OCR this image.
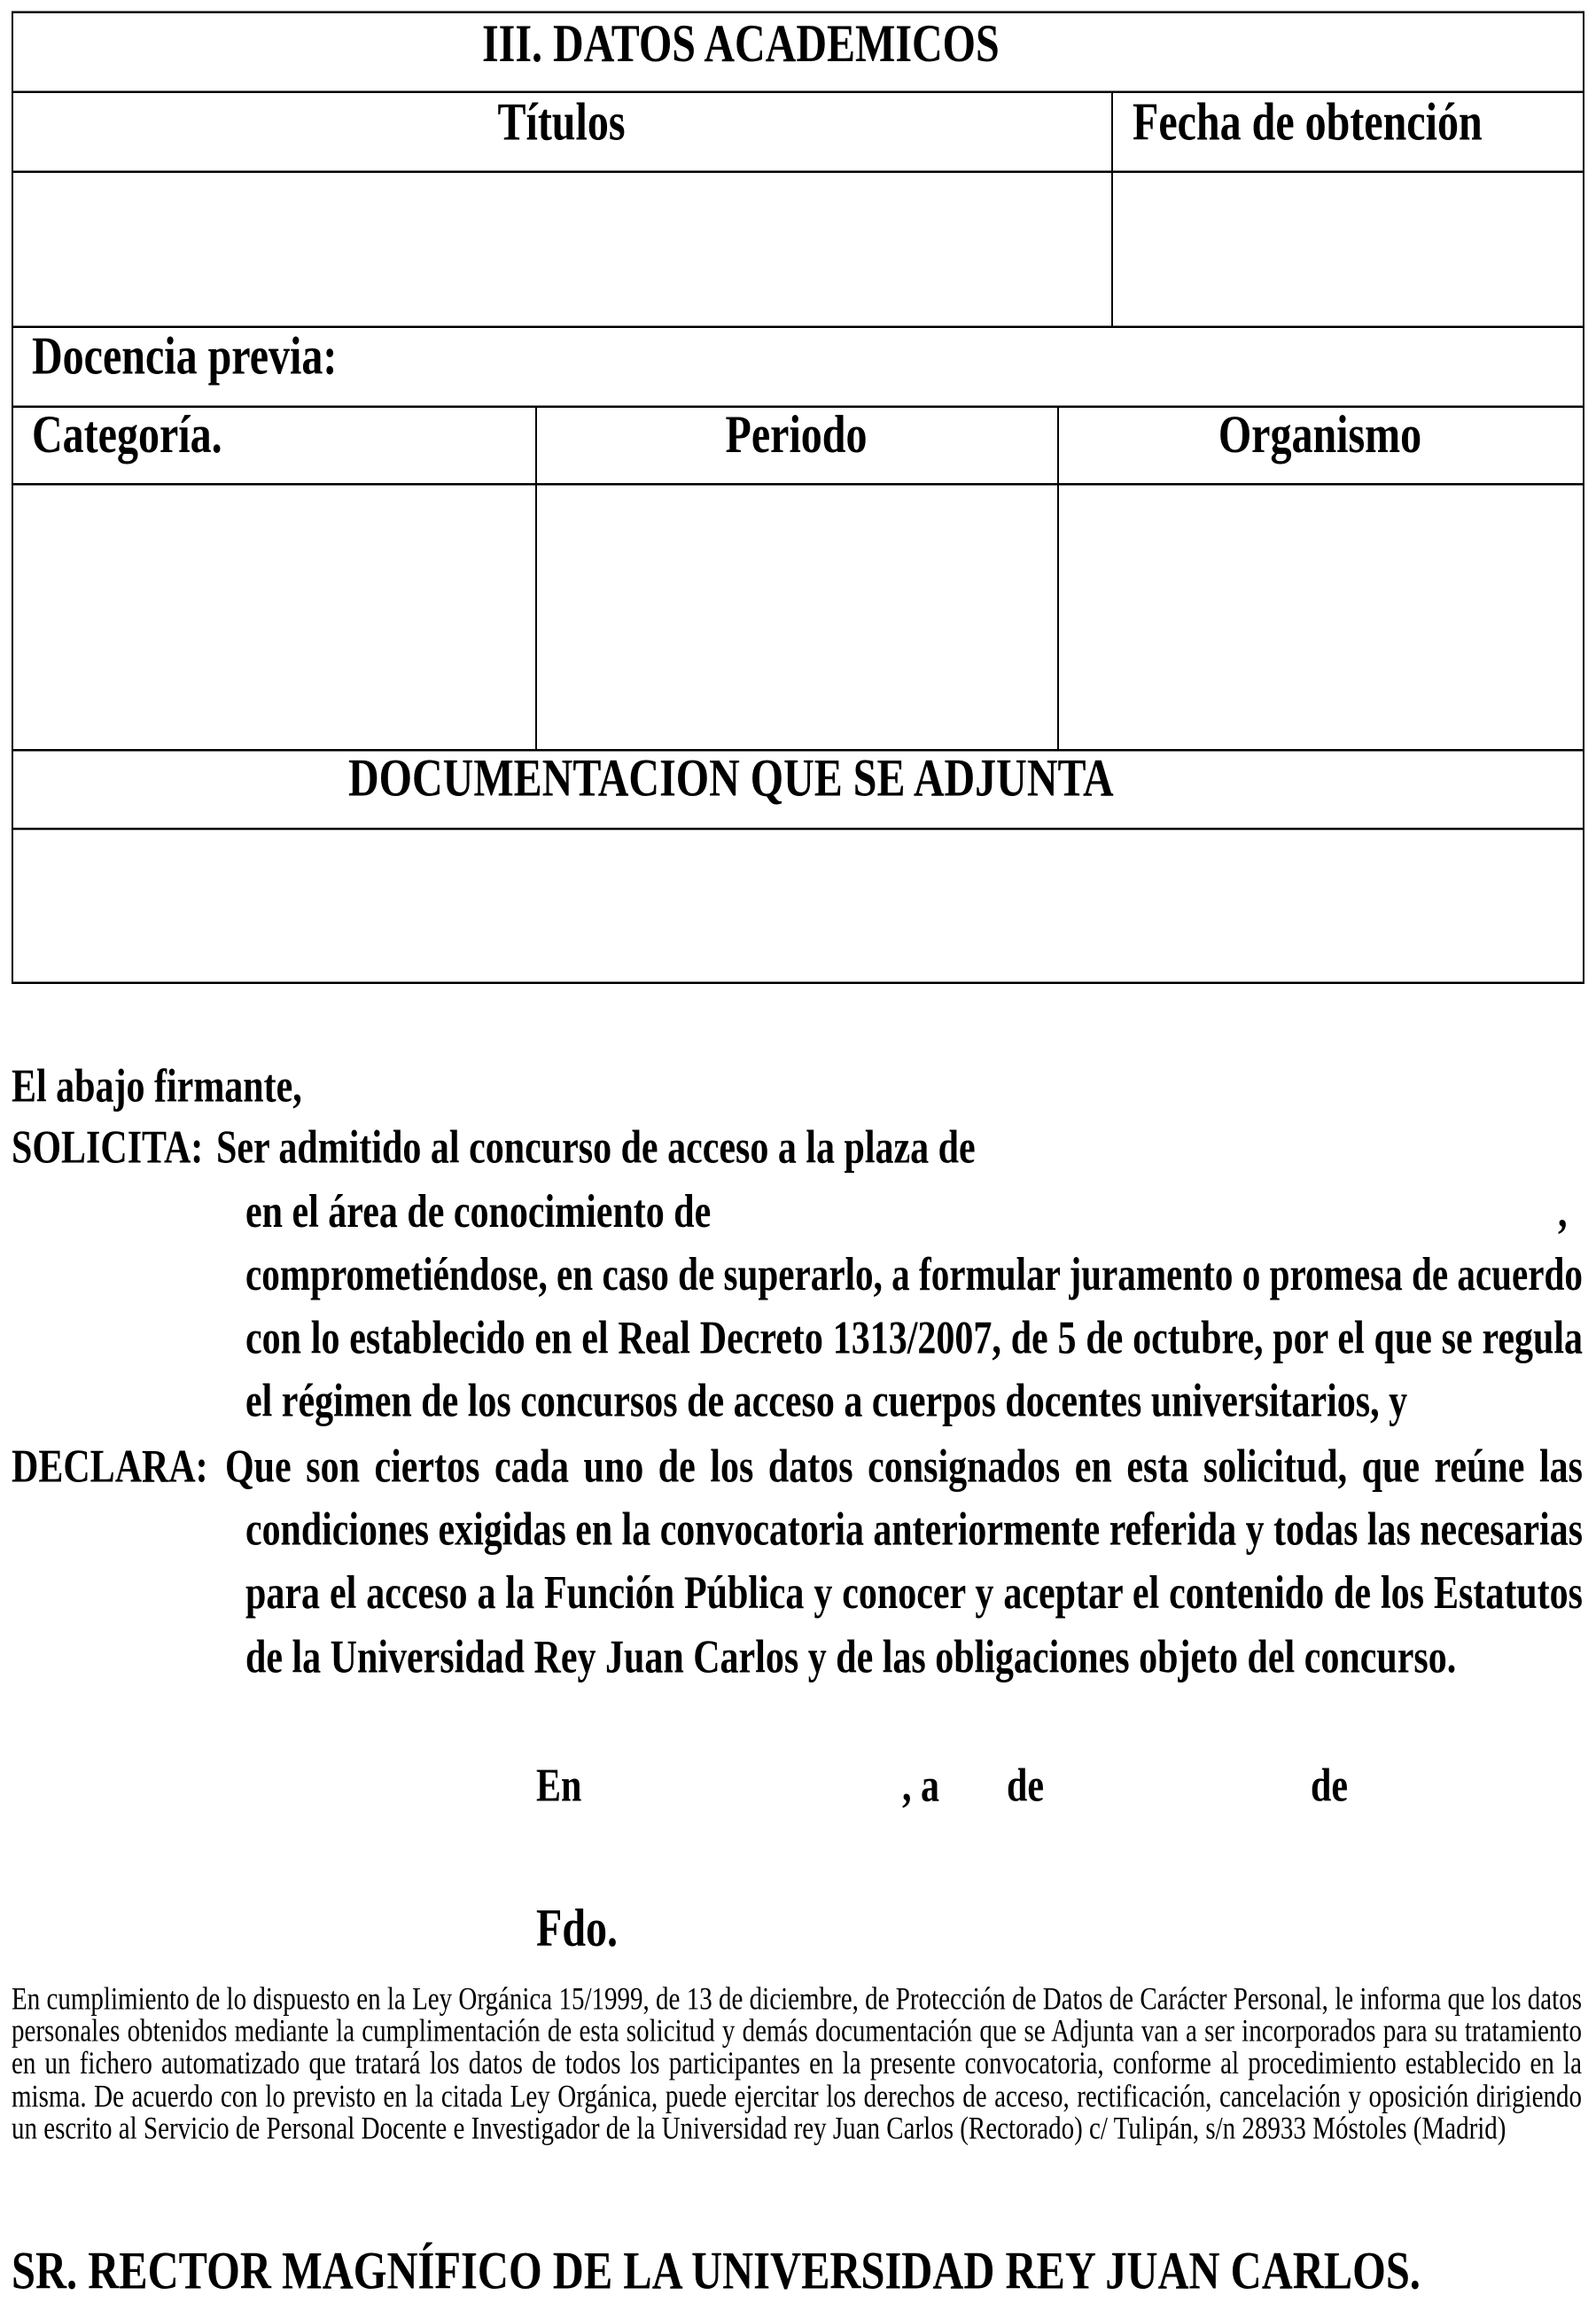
III. DATOS ACADEMICOS
Títulos	Fecha de obtención
Docencia previa:
Categoría.	Periodo	Organismo
DOCUMENTACION QUE SE ADJUNTA
El abajo firmante,
SOLICITA: Ser admitido al concurso de acceso a la plaza de
en el área de conocimiento de	,
comprometiéndose, en caso de superarlo, a formular juramento o promesa de acuerdo
con lo establecido en el Real Decreto 1313/2007, de 5 de octubre, por el que se regula
el régimen de los concursos de acceso a cuerpos docentes universitarios, y
DECLARA: Que son ciertos cada uno de los datos consignados en esta solicitud, que reúne las
condiciones exigidas en la convocatoria anteriormente referida y todas las necesarias
para el acceso a la Función Pública y conocer y aceptar el contenido de los Estatutos
de la Universidad Rey Juan Carlos y de las obligaciones objeto del concurso.
En	, a de	de
Fdo.

En cumplimiento de lo dispuesto en la Ley Orgánica 15/1999, de 13 de diciembre, de Protección de Datos de Carácter Personal, le informa que los datos personales obtenidos mediante la cumplimentación de esta solicitud y demás documentación que se Adjunta van a ser incorporados para su tratamiento en un fichero automatizado que tratará los datos de todos los participantes en la presente convocatoria, conforme al procedimiento establecido en la misma. De acuerdo con lo previsto en la citada Ley Orgánica, puede ejercitar los derechos de acceso, rectificación, cancelación y oposición dirigiendo un escrito al Servicio de Personal Docente e Investigador de la Universidad rey Juan Carlos (Rectorado) c/ Tulipán, s/n 28933 Móstoles (Madrid)

SR. RECTOR MAGNÍFICO DE LA UNIVERSIDAD REY JUAN CARLOS.
